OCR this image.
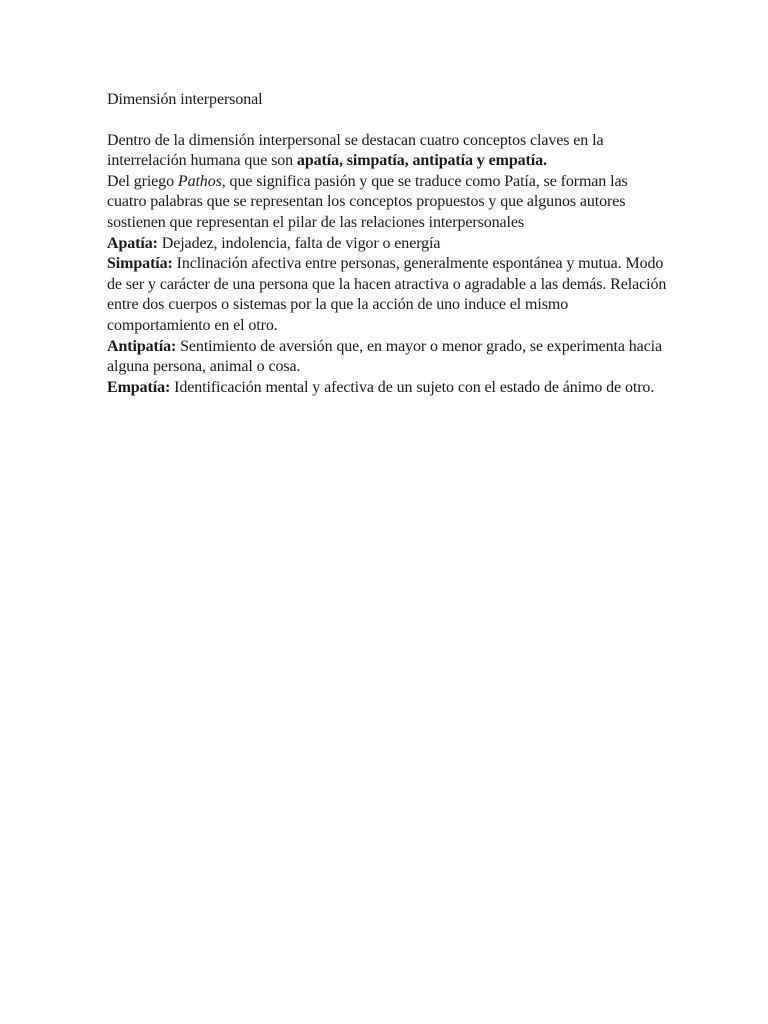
Dimensión interpersonal

Dentro de la dimensión interpersonal se destacan cuatro conceptos claves en la interrelación humana que son apatía, simpatía, antipatía y empatía.

Del griego Pathos, que significa pasión y que se traduce como Patía, se forman las cuatro palabras que se representan los conceptos propuestos y que algunos autores sostienen que representan el pilar de las relaciones interpersonales

Apatía: Dejadez, indolencia, falta de vigor o energía

Simpatía: Inclinación afectiva entre personas, generalmente espontánea y mutua. Modo de ser y carácter de una persona que la hacen atractiva o agradable a las demás. Relación entre dos cuerpos o sistemas por la que la acción de uno induce el mismo comportamiento en el otro.

Antipatía: Sentimiento de aversión que, en mayor o menor grado, se experimenta hacia alguna persona, animal o cosa.

Empatía: Identificación mental y afectiva de un sujeto con el estado de ánimo de otro.
